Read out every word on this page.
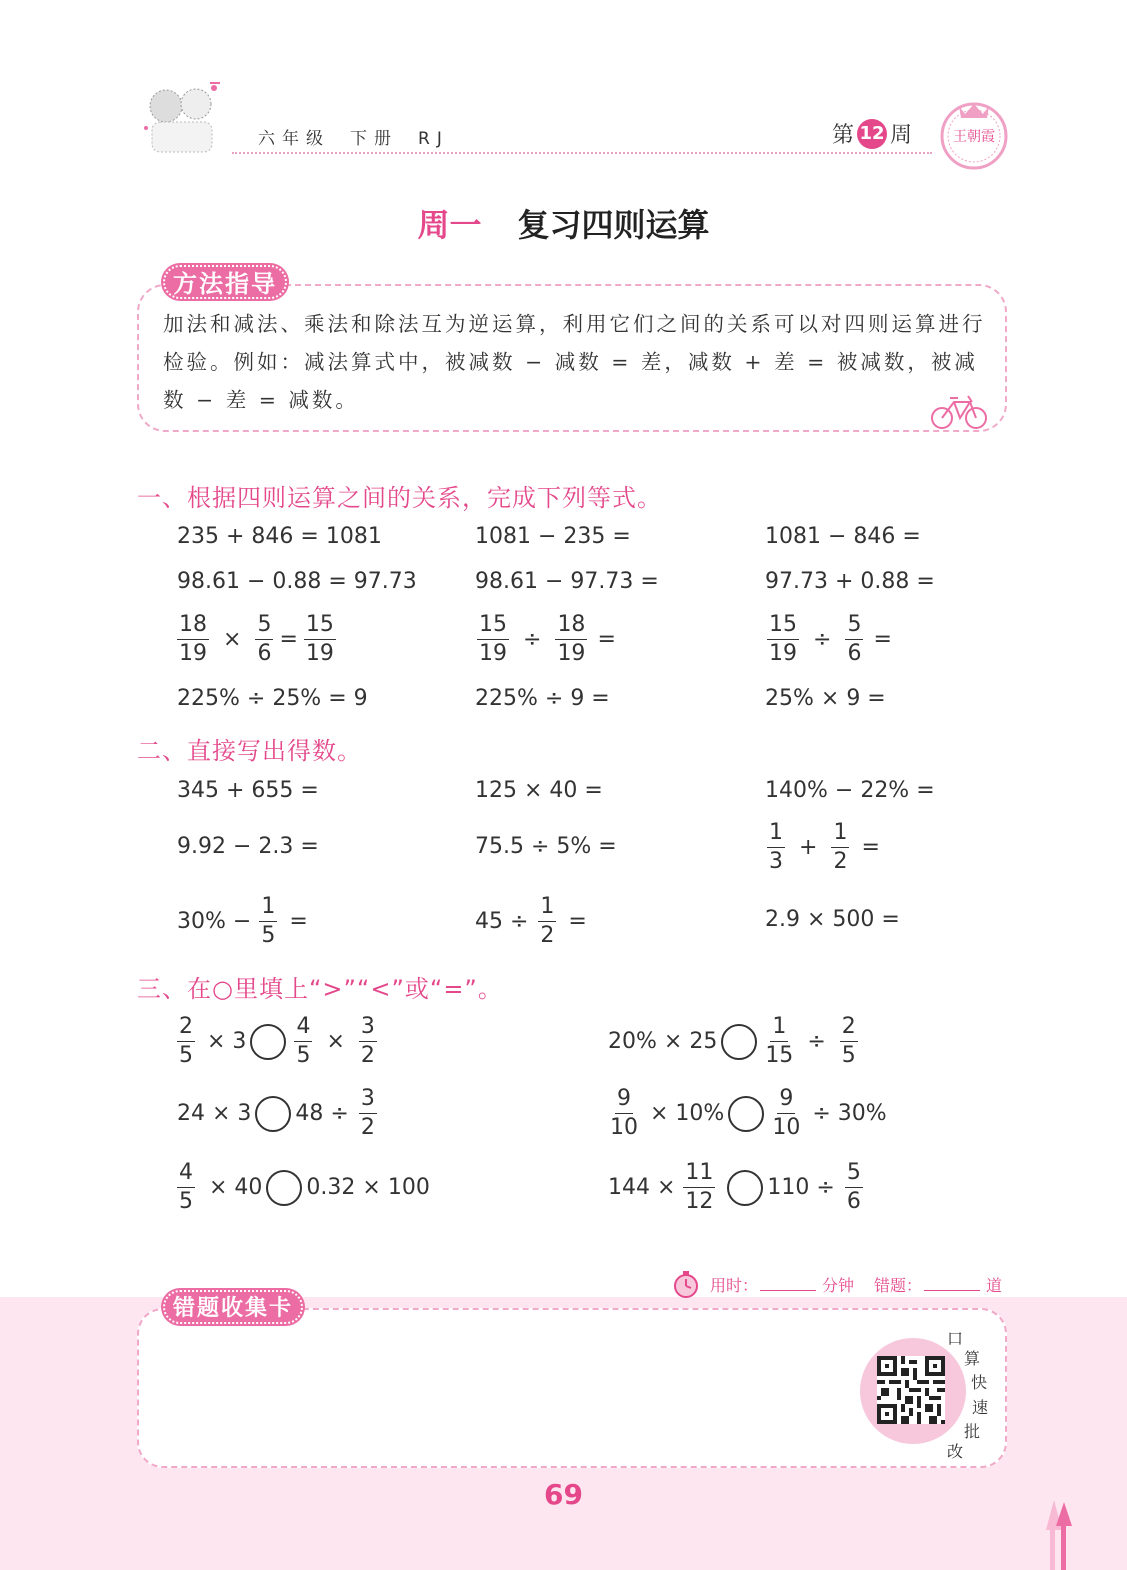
六 年 级 下 册 R J	第 12 周	王朝霞
周一 复习四则运算
方法指导
加法和减法、乘法和除法互为逆运算，利用它们之间的关系可以对四则运算进行检验。例如：减法算式中，被减数 − 减数 = 差，减数 + 差 = 被减数，被减数 − 差 = 减数。
一、根据四则运算之间的关系，完成下列等式。
235 + 846 = 1081	1081 − 235 =	1081 − 846 =
98.61 − 0.88 = 97.73	98.61 − 97.73 =	97.73 + 0.88 =
$\frac{18}{19} \times \frac{5}{6} = \frac{15}{19}$	$\frac{15}{19} \div \frac{18}{19}$ =	$\frac{15}{19} \div \frac{5}{6}$ =
225% ÷ 25% = 9	225% ÷ 9 =	25% × 9 =
二、直接写出得数。
345 + 655 =	125 × 40 =	140% − 22% =
9.92 − 2.3 =	75.5 ÷ 5% =	$\frac{1}{3} + \frac{1}{2}$ =
$30\% - \frac{1}{5}$ =	$45 \div \frac{1}{2}$ =	2.9 × 500 =
三、在○里填上“>”“<”或“=”。
$\frac{2}{5} \times 3 \frac{4}{5} \times \frac{3}{2}$	$20\% \times 25 \frac{1}{15} \div \frac{2}{5}$
24 × 3 $48 \div \frac{3}{2}$	$\frac{9}{10} \times 10\% \frac{9}{10} \div 30\%$
$\frac{4}{5} \times 40$ 0.32 × 100	$144 \times \frac{11}{12} 110 \div \frac{5}{6}$
用时：	分钟 错题：	道
错题收集卡
口
算
快
速
批
改
69
